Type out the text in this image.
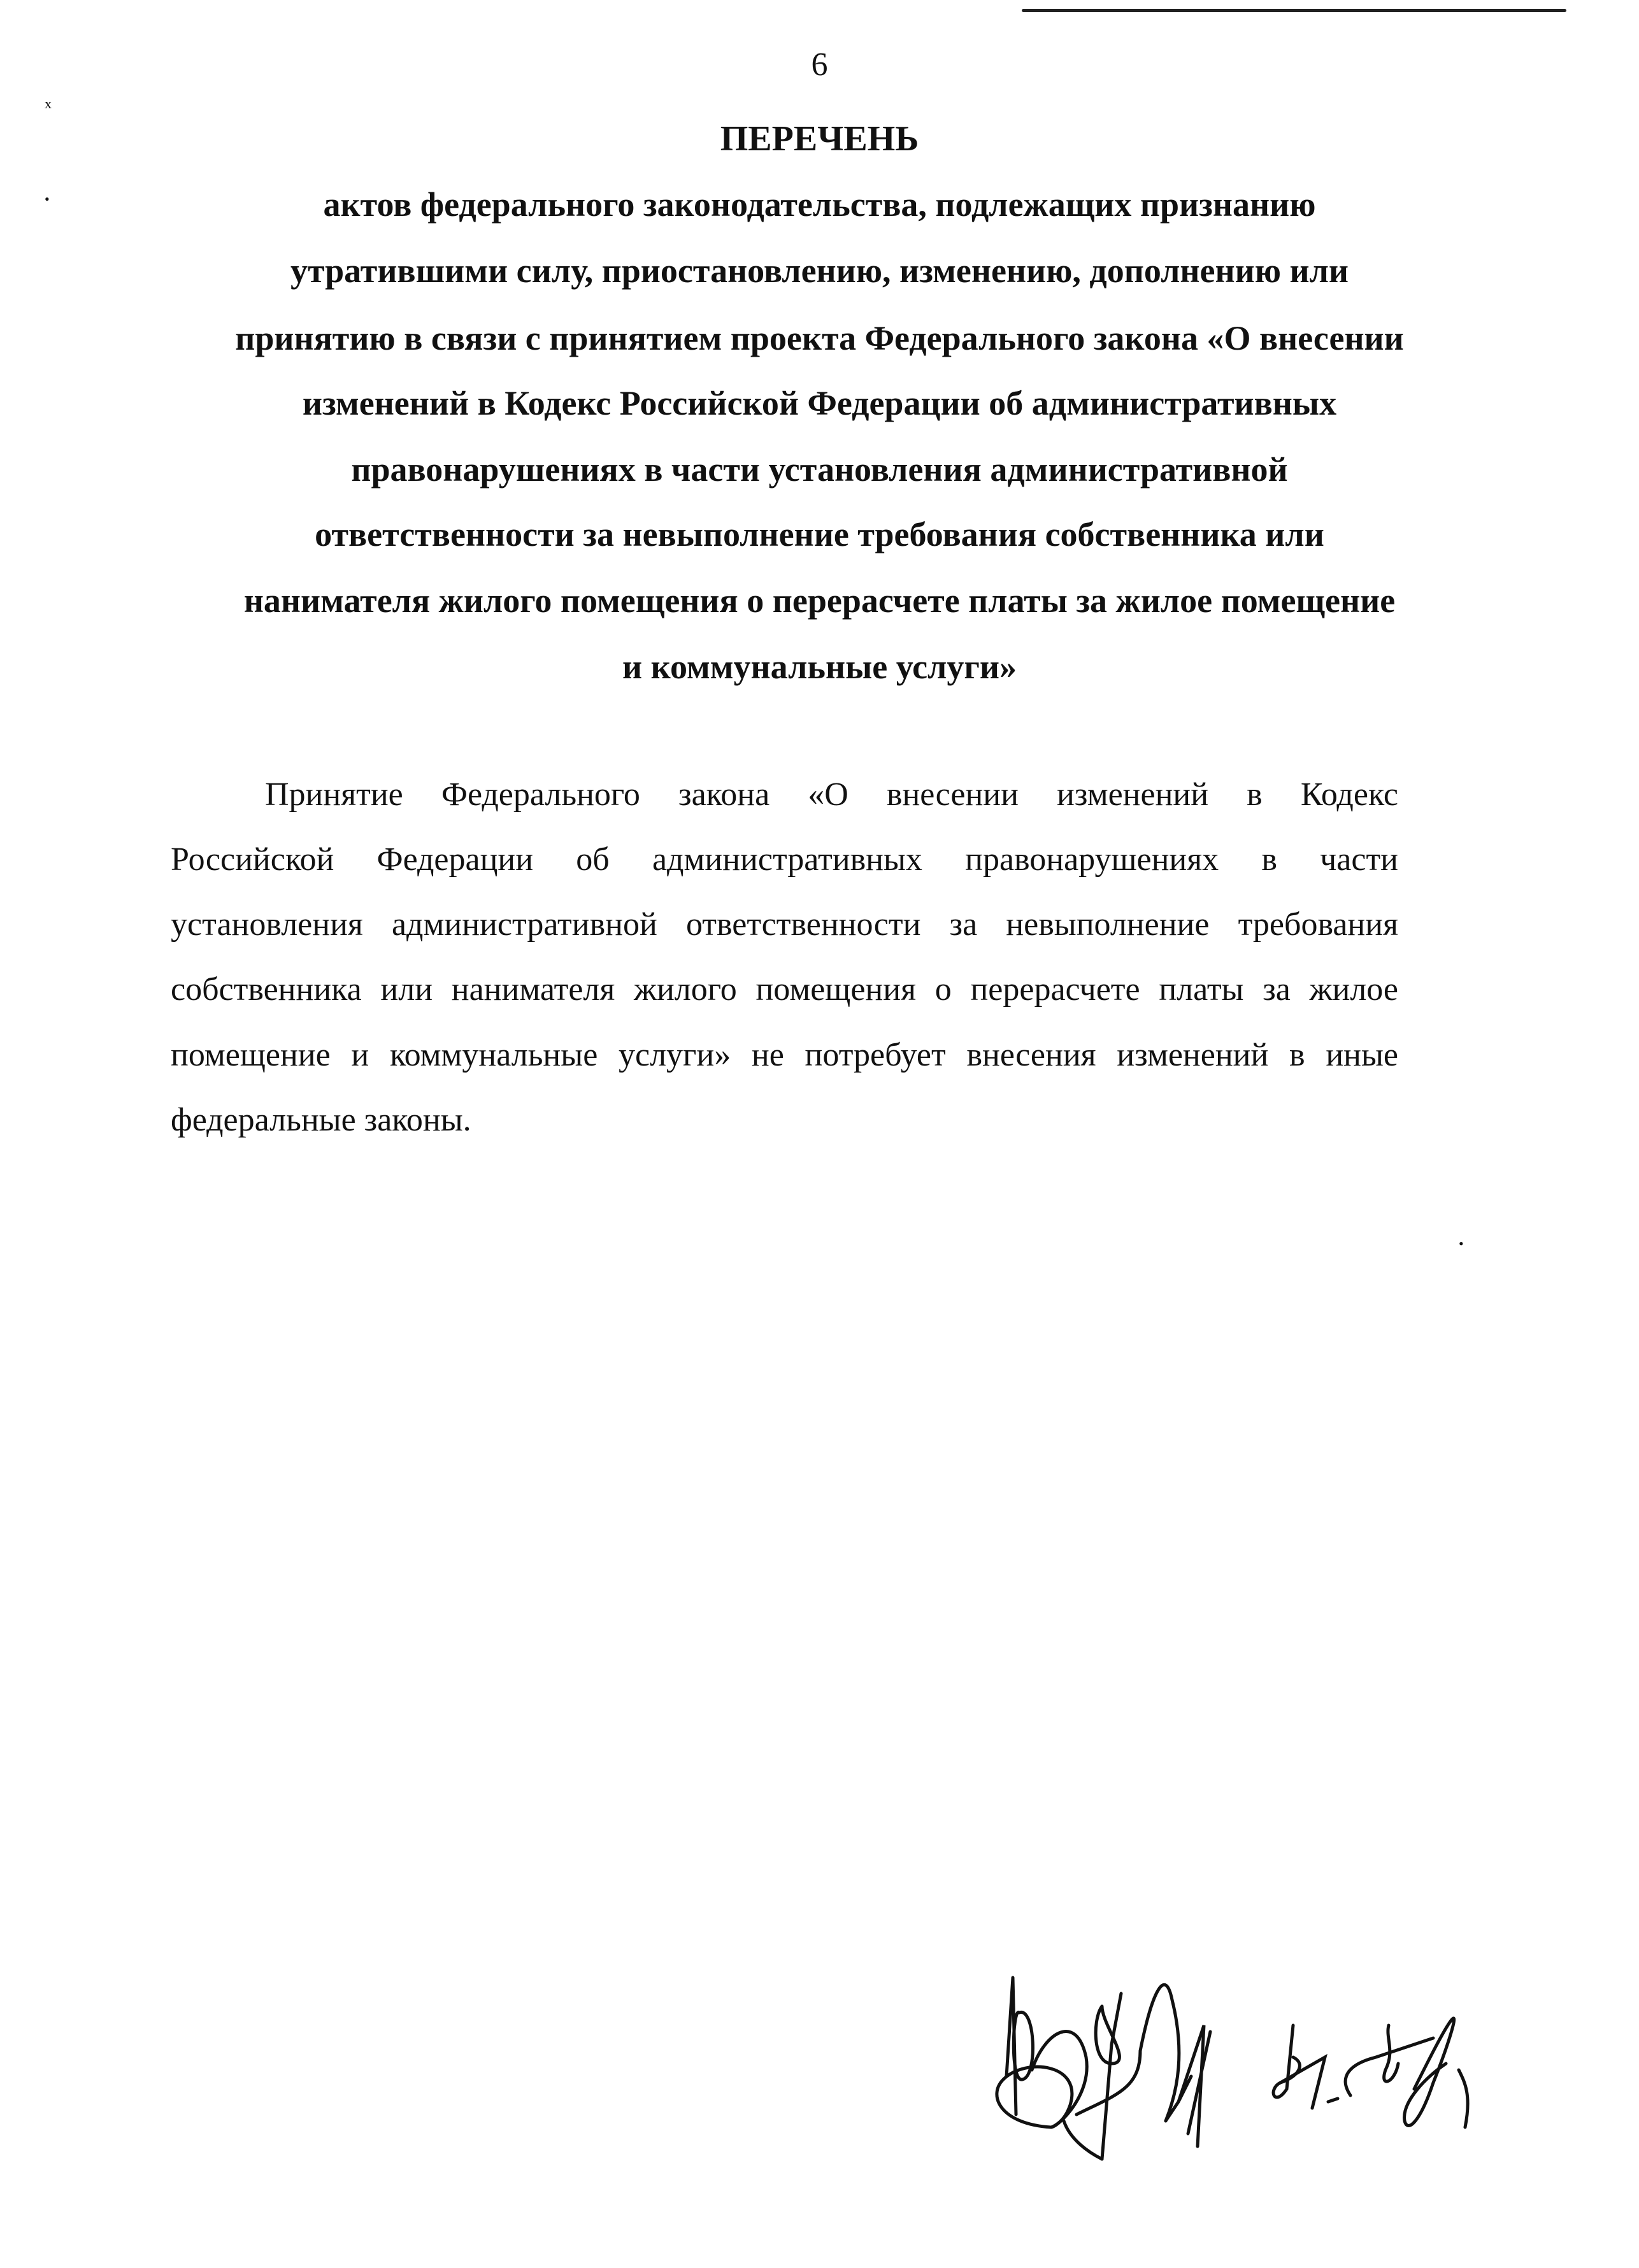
x
•
6
ПЕРЕЧЕНЬ
актов федерального законодательства, подлежащих признанию
утратившими силу, приостановлению, изменению, дополнению или
принятию в связи с принятием проекта Федерального закона «О внесении
изменений в Кодекс Российской Федерации об административных
правонарушениях в части установления административной
ответственности за невыполнение требования собственника или
нанимателя жилого помещения о перерасчете платы за жилое помещение
и коммунальные услуги»
Принятие Федерального закона «О внесении изменений в Кодекс
Российской Федерации об административных правонарушениях в части
установления административной ответственности за невыполнение требования
собственника или нанимателя жилого помещения о перерасчете платы за жилое
помещение и коммунальные услуги» не потребует внесения изменений в иные
федеральные законы.
•
